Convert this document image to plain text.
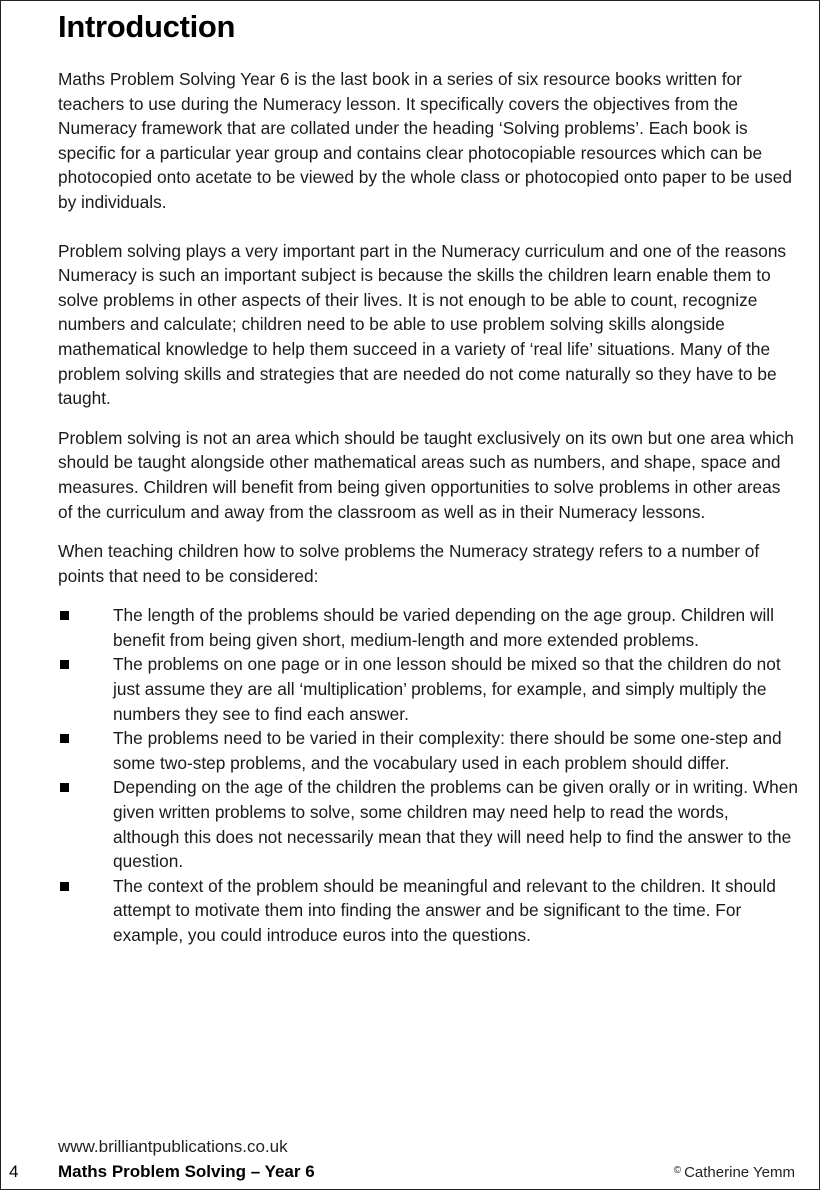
Introduction

Maths Problem Solving Year 6 is the last book in a series of six resource books written for teachers to use during the Numeracy lesson. It specifically covers the objectives from the Numeracy framework that are collated under the heading ‘Solving problems’. Each book is specific for a particular year group and contains clear photocopiable resources which can be photocopied onto acetate to be viewed by the whole class or photocopied onto paper to be used by individuals.

Problem solving plays a very important part in the Numeracy curriculum and one of the reasons Numeracy is such an important subject is because the skills the children learn enable them to solve problems in other aspects of their lives. It is not enough to be able to count, recognize numbers and calculate; children need to be able to use problem solving skills alongside mathematical knowledge to help them succeed in a variety of ‘real life’ situations. Many of the problem solving skills and strategies that are needed do not come naturally so they have to be taught.

Problem solving is not an area which should be taught exclusively on its own but one area which should be taught alongside other mathematical areas such as numbers, and shape, space and measures. Children will benefit from being given opportunities to solve problems in other areas of the curriculum and away from the classroom as well as in their Numeracy lessons.

When teaching children how to solve problems the Numeracy strategy refers to a number of points that need to be considered:

The length of the problems should be varied depending on the age group. Children will benefit from being given short, medium-length and more extended problems.
The problems on one page or in one lesson should be mixed so that the children do not just assume they are all ‘multiplication’ problems, for example, and simply multiply the numbers they see to find each answer.
The problems need to be varied in their complexity: there should be some one-step and some two-step problems, and the vocabulary used in each problem should differ.
Depending on the age of the children the problems can be given orally or in writing. When given written problems to solve, some children may need help to read the words, although this does not necessarily mean that they will need help to find the answer to the question.
The context of the problem should be meaningful and relevant to the children. It should attempt to motivate them into finding the answer and be significant to the time. For example, you could introduce euros into the questions.
www.brilliantpublications.co.uk
4 Maths Problem Solving – Year 6	© Catherine Yemm
